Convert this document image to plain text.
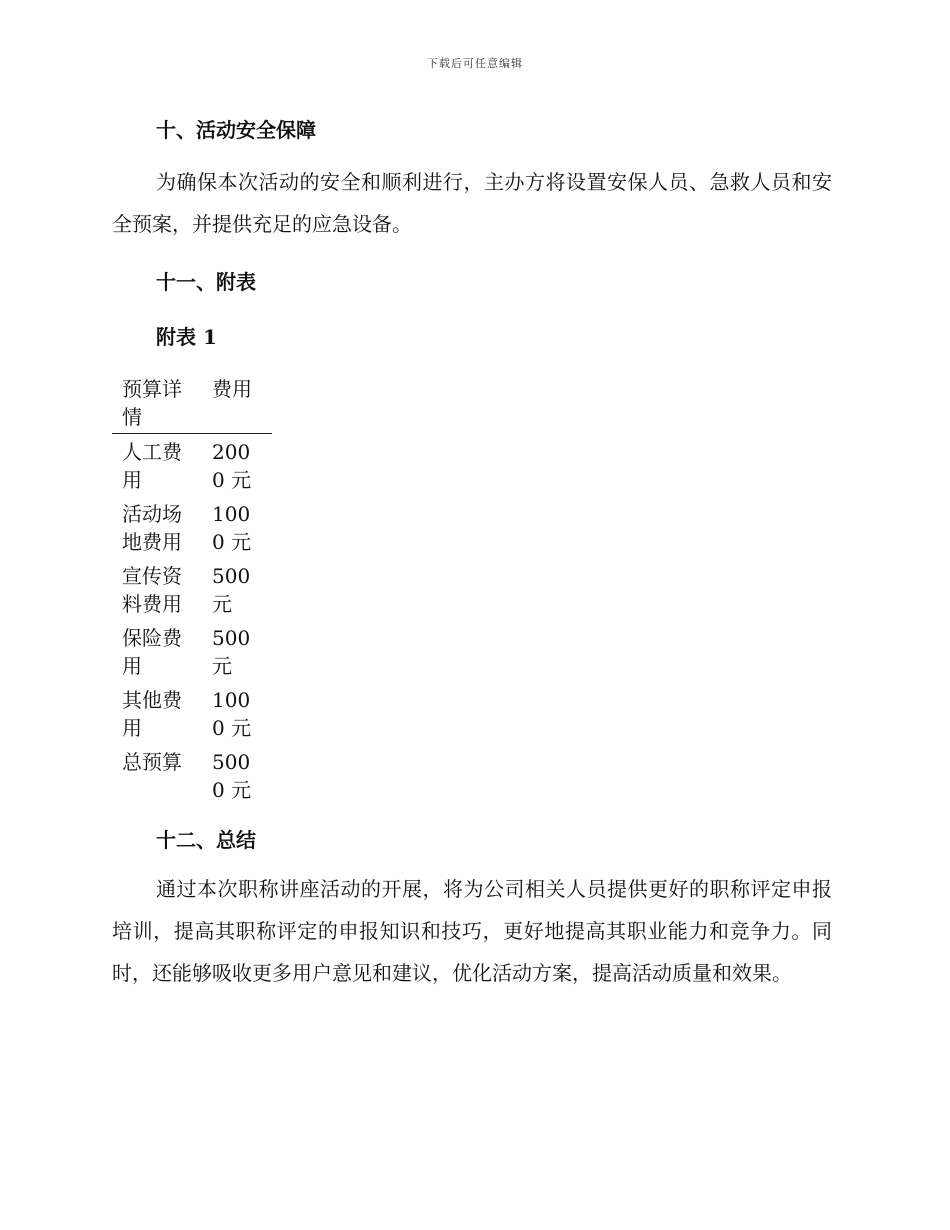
下载后可任意编辑
十、活动安全保障
为确保本次活动的安全和顺利进行，主办方将设置安保人员、急救人员和安全预案，并提供充足的应急设备。
十一、附表
附表 1
预算详情	费用

人工费用	2000 元

活动场地费用	1000 元

宣传资料费用	500 元

保险费用	500 元

其他费用	1000 元

总预算	5000 元
十二、总结
通过本次职称讲座活动的开展，将为公司相关人员提供更好的职称评定申报培训，提高其职称评定的申报知识和技巧，更好地提高其职业能力和竞争力。同时，还能够吸收更多用户意见和建议，优化活动方案，提高活动质量和效果。
